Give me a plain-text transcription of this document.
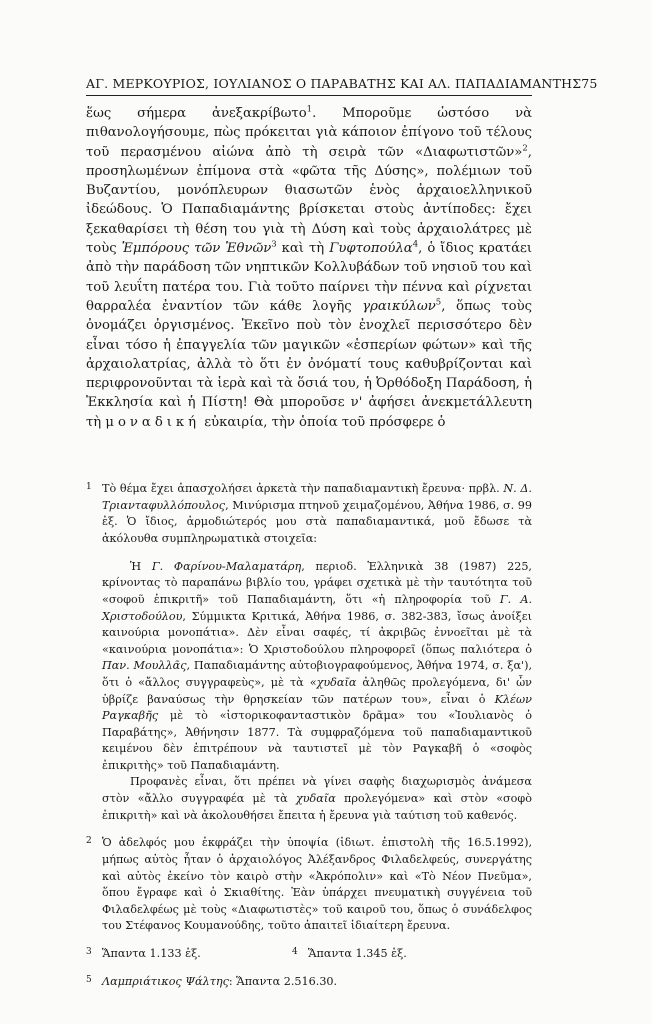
ΑΓ. ΜΕΡΚΟΥΡΙΟΣ, ΙΟΥΛΙΑΝΟΣ Ο ΠΑΡΑΒΑΤΗΣ ΚΑΙ ΑΛ. ΠΑΠΑΔΙΑΜΑΝΤΗΣ 75

ἕως σήμερα ἀνεξακρίβωτο$^1$. Μποροῦμε ὡστόσο νὰ πιθανολογήσουμε, πὼς πρόκειται γιὰ κάποιον ἐπίγονο τοῦ τέλους τοῦ περασμένου αἰώνα ἀπὸ τὴ σειρὰ τῶν «Διαφωτιστῶν»$^2$, προσηλωμένων ἐπίμονα στὰ «φῶτα τῆς Δύσης», πολέμιων τοῦ Βυζαντίου, μονόπλευρων θιασωτῶν ἑνὸς ἀρχαιοελληνικοῦ ἰδεώδους. Ὁ Παπαδιαμάντης βρίσκεται στοὺς ἀντίποδες: ἔχει ξεκαθαρίσει τὴ θέση του γιὰ τὴ Δύση καὶ τοὺς ἀρχαιολάτρες μὲ τοὺς Ἐμπόρους τῶν Ἐθνῶν$^3$ καὶ τὴ Γυφτοπούλα$^4$, ὁ ἴδιος κρατάει ἀπὸ τὴν παράδοση τῶν νηπτικῶν Κολλυβάδων τοῦ νησιοῦ του καὶ τοῦ λευΐτη πατέρα του. Γιὰ τοῦτο παίρνει τὴν πέννα καὶ ρίχνεται θαρραλέα ἐναντίον τῶν κάθε λογῆς γραικύλων$^5$, ὅπως τοὺς ὀνομάζει ὀργισμένος. Ἐκεῖνο ποὺ τὸν ἐνοχλεῖ περισσότερο δὲν εἶναι τόσο ἡ ἐπαγγελία τῶν μαγικῶν «ἑσπερίων φώτων» καὶ τῆς ἀρχαιολατρίας, ἀλλὰ τὸ ὅτι ἐν ὀνόματί τους καθυβρίζονται καὶ περιφρονοῦνται τὰ ἱερὰ καὶ τὰ ὅσιά του, ἡ Ὀρθόδοξη Παράδοση, ἡ Ἐκκλησία καὶ ἡ Πίστη! Θὰ μποροῦσε ν' ἀφήσει ἀνεκμετάλλευτη τὴ μοναδική εὐκαιρία, τὴν ὁποία τοῦ πρόσφερε ὁ

1 Τὸ θέμα ἔχει ἀπασχολήσει ἀρκετὰ τὴν παπαδιαμαντικὴ ἔρευνα· πρβλ. Ν. Δ. Τριανταφυλλόπουλος, Μινύρισμα πτηνοῦ χειμαζομένου, Ἀθήνα 1986, σ. 99 ἑξ. Ὁ ἴδιος, ἁρμοδιώτερός μου στὰ παπαδιαμαντικά, μοῦ ἔδωσε τὰ ἀκόλουθα συμπληρωματικὰ στοιχεῖα:

Ἡ Γ. Φαρίνου-Μαλαματάρη, περιοδ. Ἑλληνικὰ 38 (1987) 225, κρίνοντας τὸ παραπάνω βιβλίο του, γράφει σχετικὰ μὲ τὴν ταυτότητα τοῦ «σοφοῦ ἐπικριτῆ» τοῦ Παπαδιαμάντη, ὅτι «ἡ πληροφορία τοῦ Γ. Α. Χριστοδούλου, Σύμμικτα Κριτικά, Ἀθήνα 1986, σ. 382-383, ἴσως ἀνοίξει καινούρια μονοπάτια». Δὲν εἶναι σαφές, τί ἀκριβῶς ἐννοεῖται μὲ τὰ «καινούρια μονοπάτια»: Ὁ Χριστοδούλου πληροφορεῖ (ὅπως παλιότερα ὁ Παν. Μουλλᾶς, Παπαδιαμάντης αὐτοβιογραφούμενος, Ἀθήνα 1974, σ. ξα'), ὅτι ὁ «ἄλλος συγγραφεὺς», μὲ τὰ «χυδαῖα ἀληθῶς προλεγόμενα, δι' ὧν ὑβρίζε βαναύσως τὴν θρησκείαν τῶν πατέρων του», εἶναι ὁ Κλέων Ραγκαβῆς μὲ τὸ «ἱστορικοφανταστικὸν δρᾶμα» του «Ἰουλιανὸς ὁ Παραβάτης», Ἀθήνησιν 1877. Τὰ συμφραζόμενα τοῦ παπαδιαμαντικοῦ κειμένου δὲν ἐπιτρέπουν νὰ ταυτιστεῖ μὲ τὸν Ραγκαβῆ ὁ «σοφὸς ἐπικριτὴς» τοῦ Παπαδιαμάντη.

Προφανὲς εἶναι, ὅτι πρέπει νὰ γίνει σαφὴς διαχωρισμὸς ἀνάμεσα στὸν «ἄλλο συγγραφέα μὲ τὰ χυδαῖα προλεγόμενα» καὶ στὸν «σοφὸ ἐπικριτὴ» καὶ νὰ ἀκολουθήσει ἔπειτα ἡ ἔρευνα γιὰ ταύτιση τοῦ καθενός.

2 Ὁ ἀδελφός μου ἐκφράζει τὴν ὑποψία (ἰδιωτ. ἐπιστολὴ τῆς 16.5.1992), μήπως αὐτὸς ἦταν ὁ ἀρχαιολόγος Ἀλέξανδρος Φιλαδελφεύς, συνεργάτης καὶ αὐτὸς ἐκείνο τὸν καιρὸ στὴν «Ἀκρόπολιν» καὶ «Τὸ Νέον Πνεῦμα», ὅπου ἔγραφε καὶ ὁ Σκιαθίτης. Ἐὰν ὑπάρχει πνευματικὴ συγγένεια τοῦ Φιλαδελφέως μὲ τοὺς «Διαφωτιστὲς» τοῦ καιροῦ του, ὅπως ὁ συνάδελφος του Στέφανος Κουμανούδης, τοῦτο ἀπαιτεῖ ἰδιαίτερη ἔρευνα.

3 Ἅπαντα 1.133 ἑξ.	4 Ἅπαντα 1.345 ἑξ.
5 Λαμπριάτικος Ψάλτης: Ἅπαντα 2.516.30.
